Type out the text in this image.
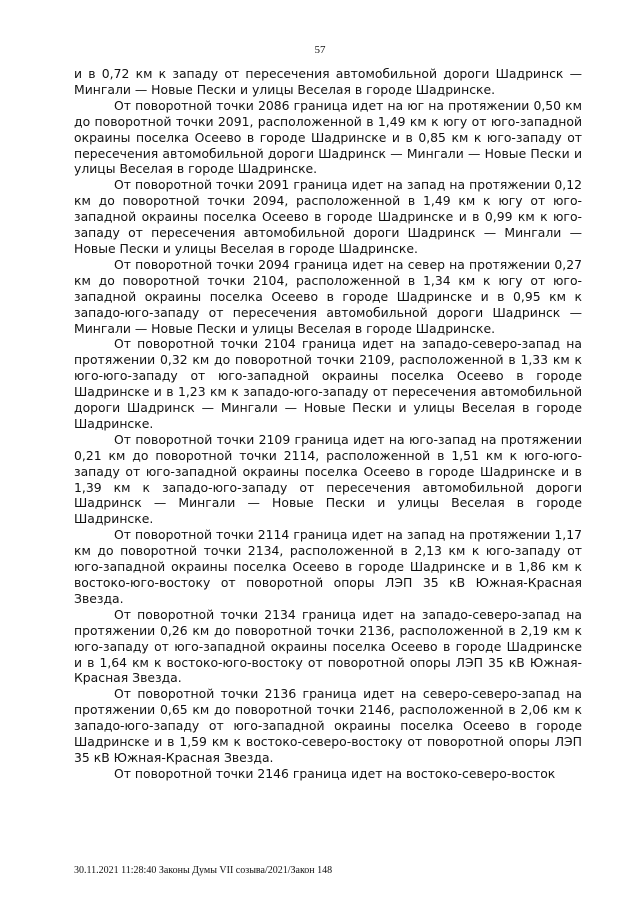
57

и в 0,72 км к западу от пересечения автомобильной дороги Шадринск — Мингали — Новые Пески и улицы Веселая в городе Шадринске.

От поворотной точки 2086 граница идет на юг на протяжении 0,50 км до поворотной точки 2091, расположенной в 1,49 км к югу от юго-западной окраины поселка Осеево в городе Шадринске и в 0,85 км к юго-западу от пересечения автомобильной дороги Шадринск — Мингали — Новые Пески и улицы Веселая в городе Шадринске.

От поворотной точки 2091 граница идет на запад на протяжении 0,12 км до поворотной точки 2094, расположенной в 1,49 км к югу от юго-западной окраины поселка Осеево в городе Шадринске и в 0,99 км к юго-западу от пересечения автомобильной дороги Шадринск — Мингали — Новые Пески и улицы Веселая в городе Шадринске.

От поворотной точки 2094 граница идет на север на протяжении 0,27 км до поворотной точки 2104, расположенной в 1,34 км к югу от юго-западной окраины поселка Осеево в городе Шадринске и в 0,95 км к западо-юго-западу от пересечения автомобильной дороги Шадринск — Мингали — Новые Пески и улицы Веселая в городе Шадринске.

От поворотной точки 2104 граница идет на западо-северо-запад на протяжении 0,32 км до поворотной точки 2109, расположенной в 1,33 км к юго-юго-западу от юго-западной окраины поселка Осеево в городе Шадринске и в 1,23 км к западо-юго-западу от пересечения автомобильной дороги Шадринск — Мингали — Новые Пески и улицы Веселая в городе Шадринске.

От поворотной точки 2109 граница идет на юго-запад на протяжении 0,21 км до поворотной точки 2114, расположенной в 1,51 км к юго-юго-западу от юго-западной окраины поселка Осеево в городе Шадринске и в 1,39 км к западо-юго-западу от пересечения автомобильной дороги Шадринск — Мингали — Новые Пески и улицы Веселая в городе Шадринске.

От поворотной точки 2114 граница идет на запад на протяжении 1,17 км до поворотной точки 2134, расположенной в 2,13 км к юго-западу от юго-западной окраины поселка Осеево в городе Шадринске и в 1,86 км к востоко-юго-востоку от поворотной опоры ЛЭП 35 кВ Южная-Красная Звезда.

От поворотной точки 2134 граница идет на западо-северо-запад на протяжении 0,26 км до поворотной точки 2136, расположенной в 2,19 км к юго-западу от юго-западной окраины поселка Осеево в городе Шадринске и в 1,64 км к востоко-юго-востоку от поворотной опоры ЛЭП 35 кВ Южная-Красная Звезда.

От поворотной точки 2136 граница идет на северо-северо-запад на протяжении 0,65 км до поворотной точки 2146, расположенной в 2,06 км к западо-юго-западу от юго-западной окраины поселка Осеево в городе Шадринске и в 1,59 км к востоко-северо-востоку от поворотной опоры ЛЭП 35 кВ Южная-Красная Звезда.

От поворотной точки 2146 граница идет на востоко-северо-восток

30.11.2021 11:28:40 Законы Думы VII созыва/2021/Закон 148
